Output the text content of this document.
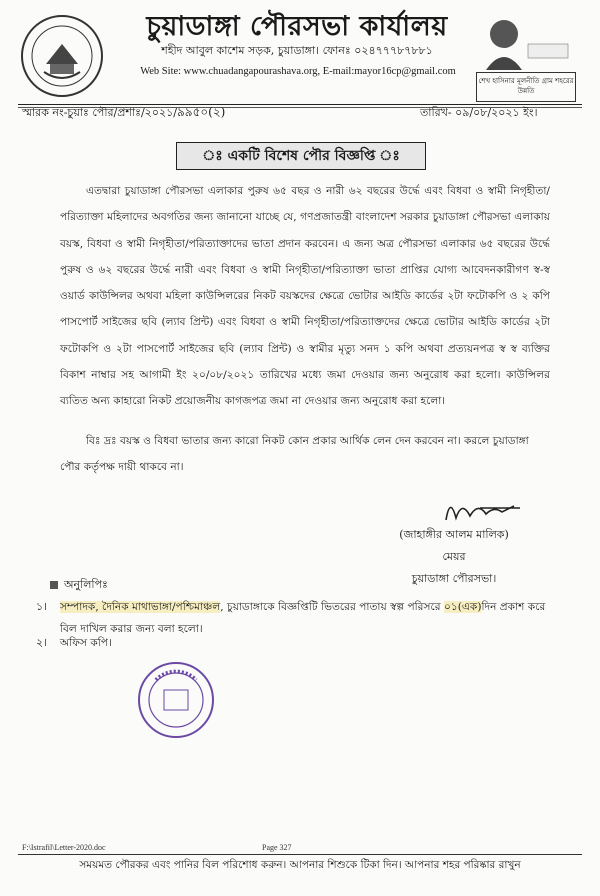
চুয়াডাঙ্গা পৌরসভা কার্যালয়
শহীদ আবুল কাশেম সড়ক, চুয়াডাঙ্গা। ফোনঃ ০২৪৭৭৭৮৭৮৮১
Web Site: www.chuadangapourashava.org, E-mail:mayor16cp@gmail.com
শেখ হাসিনার মূলনীতি গ্রাম শহরের উন্নতি
স্মারক নং-চুয়াঃ পৌর/প্রশাঃ/২০২১/৯৯৫০(২)	তারিখ- ০৯/০৮/২০২১ ইং।
ঃ একটি বিশেষ পৌর বিজ্ঞপ্তি ঃ

এতদ্বারা চুয়াডাঙ্গা পৌরসভা এলাকার পুরুষ ৬৫ বছর ও নারী ৬২ বছরের উর্দ্ধে এবং বিধবা ও স্বামী নিগৃহীতা/পরিত্যাক্তা মহিলাদের অবগতির জন্য জানানো যাচ্ছে যে, গণপ্রজাতন্ত্রী বাংলাদেশ সরকার চুয়াডাঙ্গা পৌরসভা এলাকায় বয়স্ক, বিধবা ও স্বামী নিগৃহীতা/পরিত্যাক্তাদের ভাতা প্রদান করবেন। এ জন্য অত্র পৌরসভা এলাকার ৬৫ বছরের উর্দ্ধে পুরুষ ও ৬২ বছরের উর্দ্ধে নারী এবং বিধবা ও স্বামী নিগৃহীতা/পরিত্যাক্তা ভাতা প্রাপ্তির যোগ্য আবেদনকারীগণ স্ব-স্ব ওয়ার্ড কাউন্সিলর অথবা মহিলা কাউন্সিলরের নিকট বয়স্কদের ক্ষেত্রে ভোটার আইডি কার্ডের ২টা ফটোকপি ও ২ কপি পাসপোর্ট সাইজের ছবি (ল্যাব প্রিন্ট) এবং বিধবা ও স্বামী নিগৃহীতা/পরিত্যাক্তদের ক্ষেত্রে ভোটার আইডি কার্ডের ২টা ফটোকপি ও ২টা পাসপোর্ট সাইজের ছবি (ল্যাব প্রিন্ট) ও স্বামীর মৃত্যু সনদ ১ কপি অথবা প্রত্যয়নপত্র স্ব স্ব ব্যক্তির বিকাশ নাম্বার সহ আগামী ইং ২০/০৮/২০২১ তারিখের মধ্যে জমা দেওয়ার জন্য অনুরোধ করা হলো। কাউন্সিলর ব্যতিত অন্য কাহারো নিকট প্রয়োজনীয় কাগজপত্র জমা না দেওয়ার জন্য অনুরোধ করা হলো।

বিঃ দ্রঃ বয়স্ক ও বিধবা ভাতার জন্য কারো নিকট কোন প্রকার আর্থিক লেন দেন করবেন না। করলে চুয়াডাঙ্গা পৌর কর্তৃপক্ষ দায়ী থাকবে না।

(জাহাঙ্গীর আলম মালিক)
মেয়র
চুয়াডাঙ্গা পৌরসভা।
অনুলিপিঃ
১। সম্পাদক, দৈনিক মাথাভাঙ্গা/পশ্চিমাঞ্চল, চুয়াডাঙ্গাকে বিজ্ঞপ্তিটি ভিতরের পাতায় স্বল্প পরিসরে ০১(এক)দিন প্রকাশ করে বিল দাখিল করার জন্য বলা হলো।
২। অফিস কপি।
F:\Istrafil\Letter-2020.doc	Page 327
সময়মত পৌরকর এবং পানির বিল পরিশোধ করুন। আপনার শিশুকে টিকা দিন। আপনার শহর পরিষ্কার রাখুন
